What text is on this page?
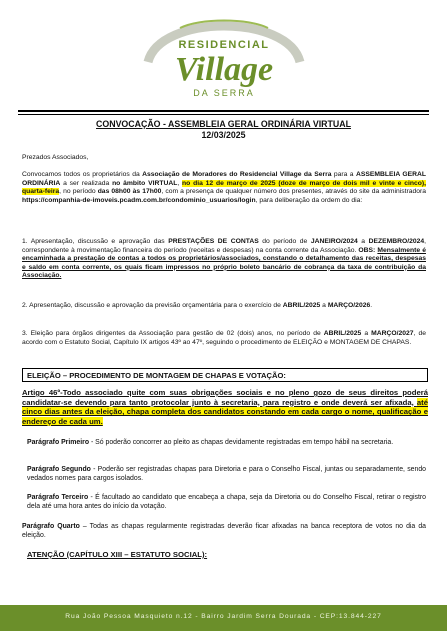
RESIDENCIAL
Village
DA SERRA
CONVOCAÇÃO - ASSEMBLEIA GERAL ORDINÁRIA VIRTUAL
12/03/2025
Prezados Associados,
Convocamos todos os proprietários da Associação de Moradores do Residencial Village da Serra para a ASSEMBLEIA GERAL ORDINÁRIA a ser realizada no âmbito VIRTUAL, no dia 12 de março de 2025 (doze de março de dois mil e vinte e cinco), quarta-feira, no período das 08h00 às 17h00, com a presença de qualquer número dos presentes, através do site da administradora https://companhia-de-imoveis.pcadm.com.br/condominio_usuarios/login, para deliberação da ordem do dia:
1. Apresentação, discussão e aprovação das PRESTAÇÕES DE CONTAS do período de JANEIRO/2024 a DEZEMBRO/2024, correspondente à movimentação financeira do período (receitas e despesas) na conta corrente da Associação. OBS: Mensalmente é encaminhada a prestação de contas a todos os proprietários/associados, constando o detalhamento das receitas, despesas e saldo em conta corrente, os quais ficam impressos no próprio boleto bancário de cobrança da taxa de contribuição da Associação.
2. Apresentação, discussão e aprovação da previsão orçamentária para o exercício de ABRIL/2025 a MARÇO/2026.
3. Eleição para órgãos dirigentes da Associação para gestão de 02 (dois) anos, no período de ABRIL/2025 a MARÇO/2027, de acordo com o Estatuto Social, Capítulo IX artigos 43º ao 47º, seguindo o procedimento de ELEIÇÃO e MONTAGEM DE CHAPAS.
ELEIÇÃO – PROCEDIMENTO DE MONTAGEM DE CHAPAS E VOTAÇÃO:
Artigo 46º-Todo associado quite com suas obrigações sociais e no pleno gozo de seus direitos poderá candidatar-se devendo para tanto protocolar junto à secretaria, para registro e onde deverá ser afixada, até cinco dias antes da eleição, chapa completa dos candidatos constando em cada cargo o nome, qualificação e endereço de cada um.
Parágrafo Primeiro - Só poderão concorrer ao pleito as chapas devidamente registradas em tempo hábil na secretaria.
Parágrafo Segundo - Poderão ser registradas chapas para Diretoria e para o Conselho Fiscal, juntas ou separadamente, sendo vedados nomes para cargos isolados.
Parágrafo Terceiro - É facultado ao candidato que encabeça a chapa, seja da Diretoria ou do Conselho Fiscal, retirar o registro dela até uma hora antes do início da votação.
Parágrafo Quarto – Todas as chapas regularmente registradas deverão ficar afixadas na banca receptora de votos no dia da eleição.
ATENÇÃO (CAPÍTULO XIII – ESTATUTO SOCIAL):
Rua João Pessoa Masquieto n.12 - Bairro Jardim Serra Dourada - CEP:13.844-227
